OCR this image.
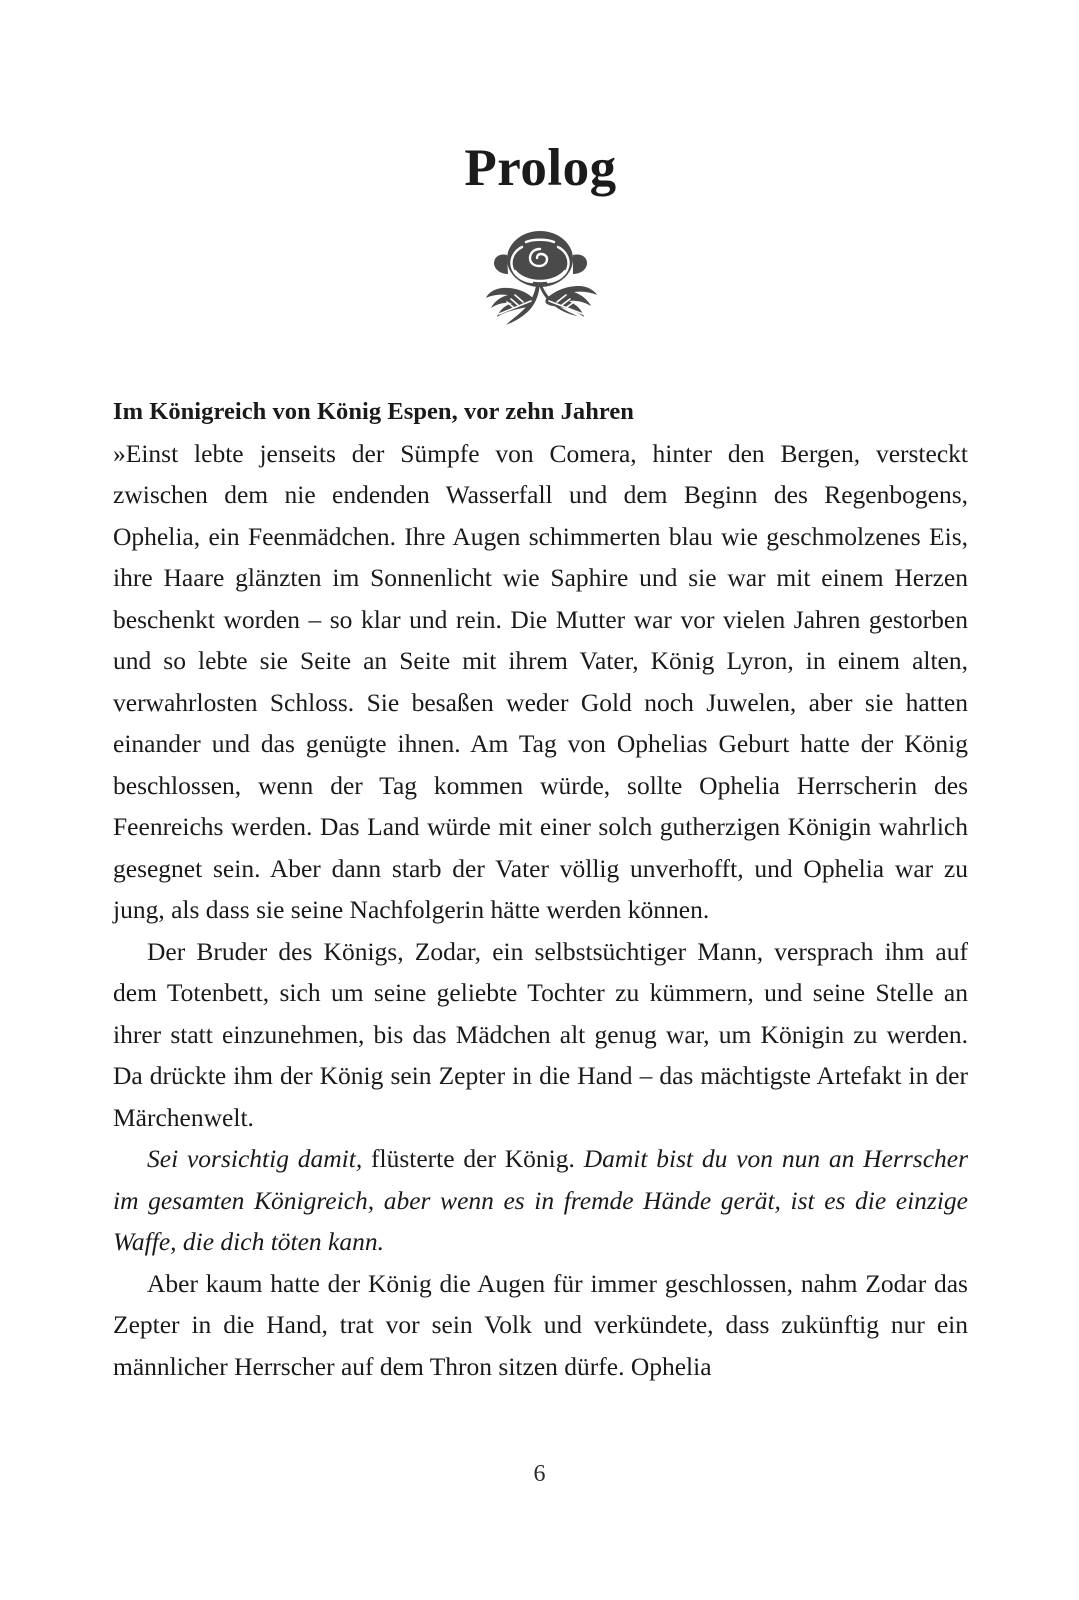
Prolog
Im Königreich von König Espen, vor zehn Jahren

»Einst lebte jenseits der Sümpfe von Comera, hinter den Bergen, versteckt zwischen dem nie endenden Wasserfall und dem Beginn des Regenbogens, Ophelia, ein Feenmädchen. Ihre Augen schimmerten blau wie geschmolzenes Eis, ihre Haare glänzten im Sonnenlicht wie Saphire und sie war mit einem Herzen beschenkt worden – so klar und rein. Die Mutter war vor vielen Jahren gestorben und so lebte sie Seite an Seite mit ihrem Vater, König Lyron, in einem alten, verwahrlosten Schloss. Sie besaßen weder Gold noch Juwelen, aber sie hatten einander und das genügte ihnen. Am Tag von Ophelias Geburt hatte der König beschlossen, wenn der Tag kommen würde, sollte Ophelia Herrscherin des Feenreichs werden. Das Land würde mit einer solch gutherzigen Königin wahrlich gesegnet sein. Aber dann starb der Vater völlig unverhofft, und Ophelia war zu jung, als dass sie seine Nachfolgerin hätte werden können.

Der Bruder des Königs, Zodar, ein selbstsüchtiger Mann, versprach ihm auf dem Totenbett, sich um seine geliebte Tochter zu kümmern, und seine Stelle an ihrer statt einzunehmen, bis das Mädchen alt genug war, um Königin zu werden. Da drückte ihm der König sein Zepter in die Hand – das mächtigste Artefakt in der Märchenwelt.

Sei vorsichtig damit, flüsterte der König. Damit bist du von nun an Herrscher im gesamten Königreich, aber wenn es in fremde Hände gerät, ist es die einzige Waffe, die dich töten kann.

Aber kaum hatte der König die Augen für immer geschlossen, nahm Zodar das Zepter in die Hand, trat vor sein Volk und verkündete, dass zukünftig nur ein männlicher Herrscher auf dem Thron sitzen dürfe. Ophelia

6
